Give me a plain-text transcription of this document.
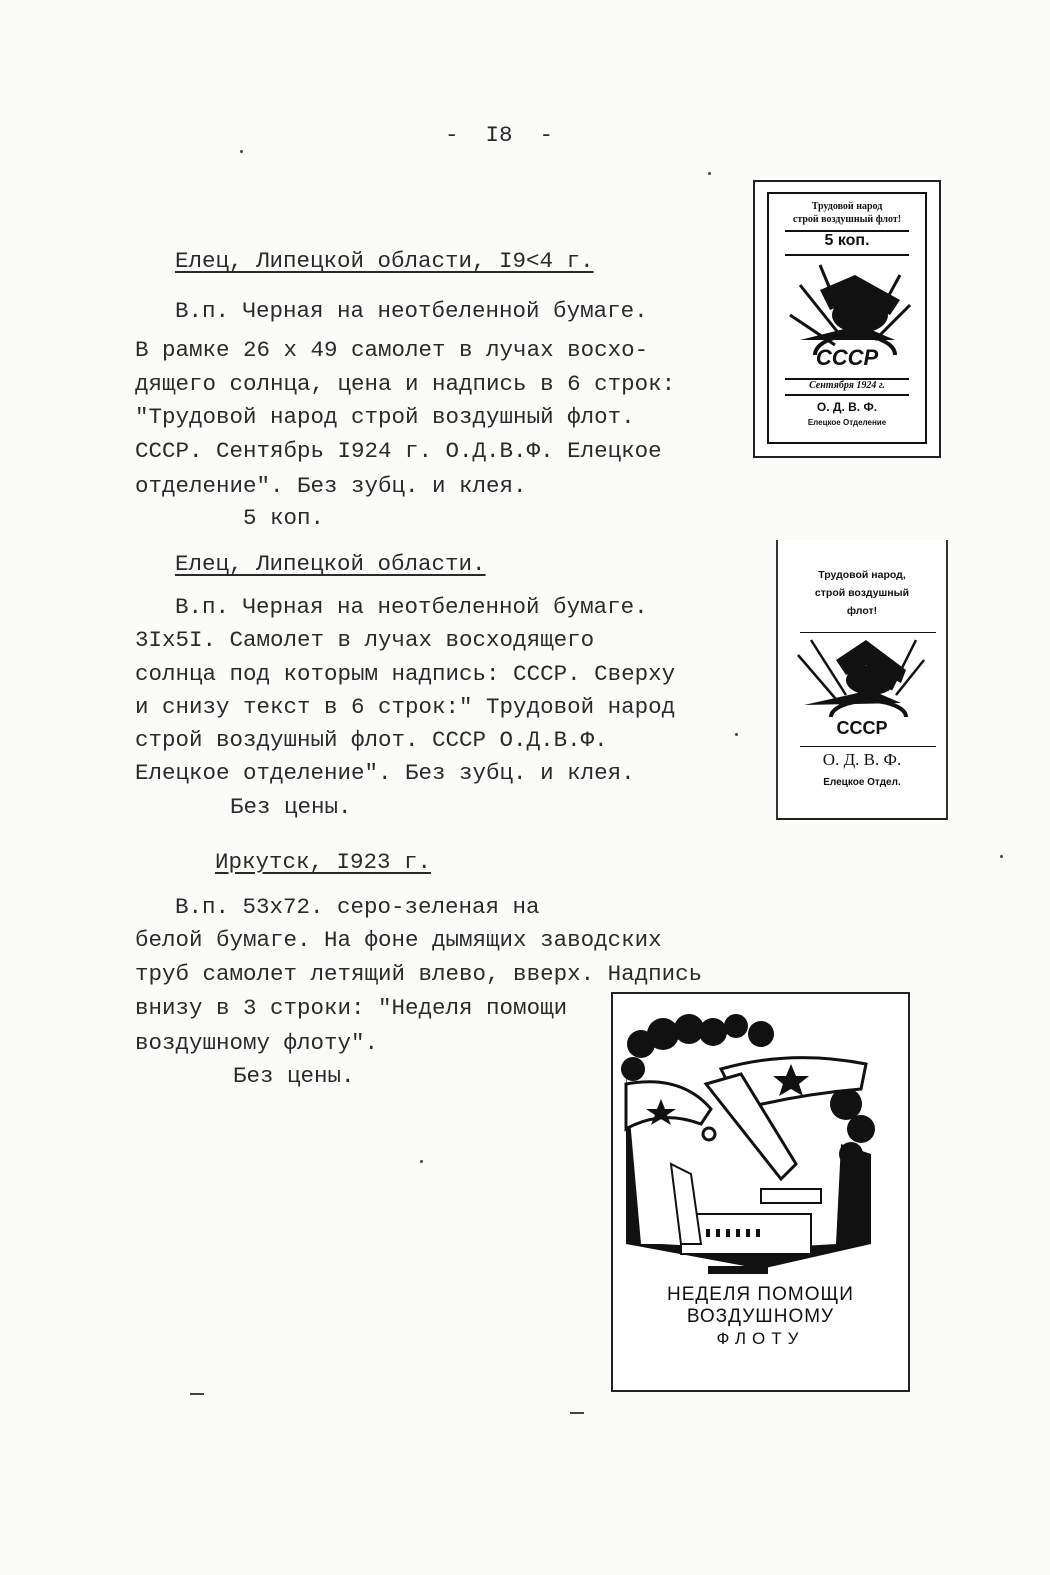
-  I8  -
Елец, Липецкой области, I9<4 г.
В.п. Черная на неотбеленной бумаге.
В рамке 26 х 49 самолет в лучах восхо-
дящего солнца, цена и надпись в 6 строк:
"Трудовой народ строй воздушный флот.
СССР. Сентябрь I924 г. О.Д.В.Ф. Елецкое
отделение". Без зубц. и клея.
5 коп.
Елец, Липецкой области.
В.п. Черная на неотбеленной бумаге.
3Iх5I. Самолет в лучах восходящего
солнца под которым надпись: СССР. Сверху
и снизу текст в 6 строк:" Трудовой народ
строй воздушный флот. СССР О.Д.В.Ф.
Елецкое отделение". Без зубц. и клея.
Без цены.
Иркутск, I923 г.
В.п. 53х72. серо-зеленая на
белой бумаге. На фоне дымящих заводских
труб самолет летящий влево, вверх. Надпись
внизу в 3 строки: "Неделя помощи
воздушному флоту".
Без цены.
Трудовой народ
строй воздушный флот!
5 коп.
СССР
Сентября 1924 г.
О. Д. В. Ф.
Елецкое Отделение
Трудовой народ,
строй воздушный
флот!
СССР
О. Д. В. Ф.
Елецкое Отдел.
НЕДЕЛЯ ПОМОЩИ
ВОЗДУШНОМУ
ФЛОТУ
